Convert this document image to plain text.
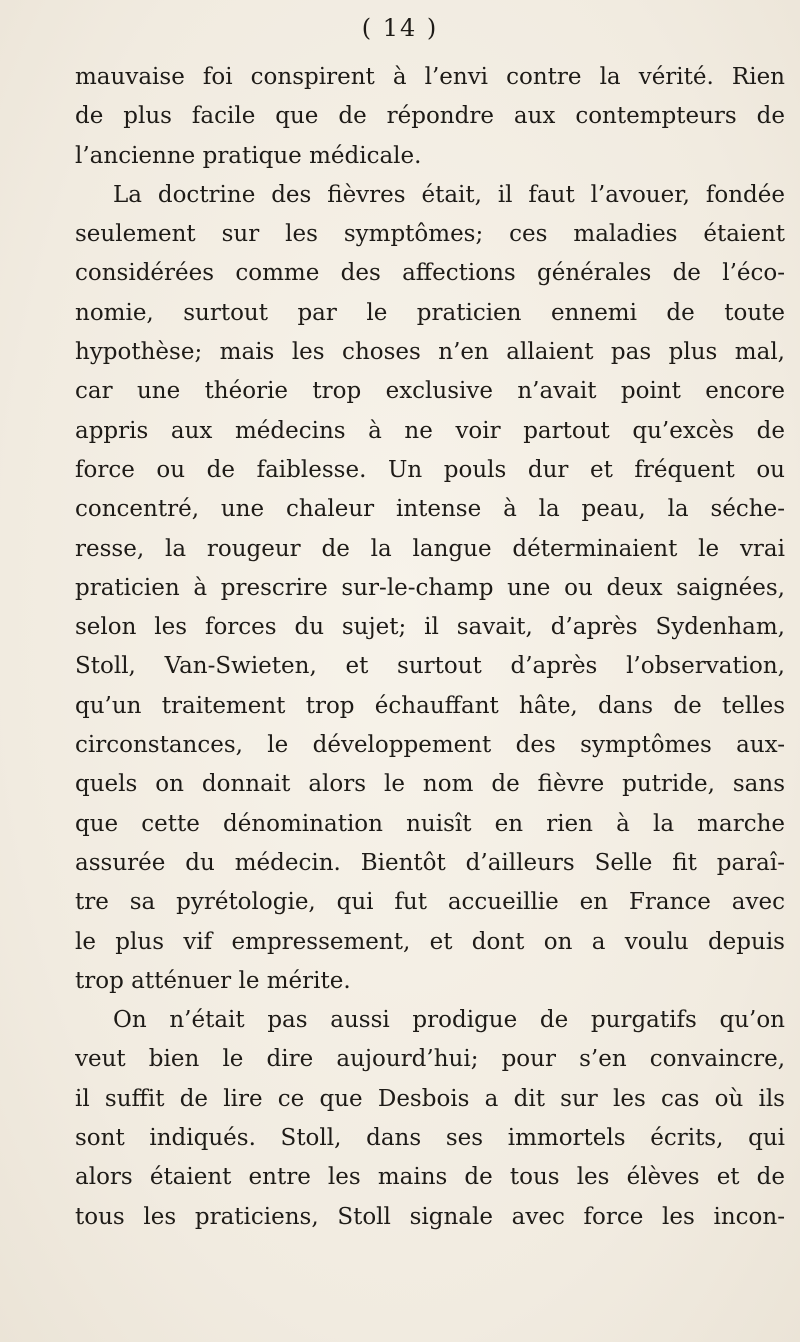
( 14 )
mauvaise foi conspirent à l’envi contre la vérité. Rien
de plus facile que de répondre aux contempteurs de
l’ancienne pratique médicale.
La doctrine des fièvres était, il faut l’avouer, fondée
seulement sur les symptômes; ces maladies étaient
considérées comme des affections générales de l’éco-
nomie, surtout par le praticien ennemi de toute
hypothèse; mais les choses n’en allaient pas plus mal,
car une théorie trop exclusive n’avait point encore
appris aux médecins à ne voir partout qu’excès de
force ou de faiblesse. Un pouls dur et fréquent ou
concentré, une chaleur intense à la peau, la séche-
resse, la rougeur de la langue déterminaient le vrai
praticien à prescrire sur-le-champ une ou deux saignées,
selon les forces du sujet; il savait, d’après Sydenham,
Stoll, Van-Swieten, et surtout d’après l’observation,
qu’un traitement trop échauffant hâte, dans de telles
circonstances, le développement des symptômes aux-
quels on donnait alors le nom de fièvre putride, sans
que cette dénomination nuisît en rien à la marche
assurée du médecin. Bientôt d’ailleurs Selle fit paraî-
tre sa pyrétologie, qui fut accueillie en France avec
le plus vif empressement, et dont on a voulu depuis
trop atténuer le mérite.
On n’était pas aussi prodigue de purgatifs qu’on
veut bien le dire aujourd’hui; pour s’en convaincre,
il suffit de lire ce que Desbois a dit sur les cas où ils
sont indiqués. Stoll, dans ses immortels écrits, qui
alors étaient entre les mains de tous les élèves et de
tous les praticiens, Stoll signale avec force les incon-
